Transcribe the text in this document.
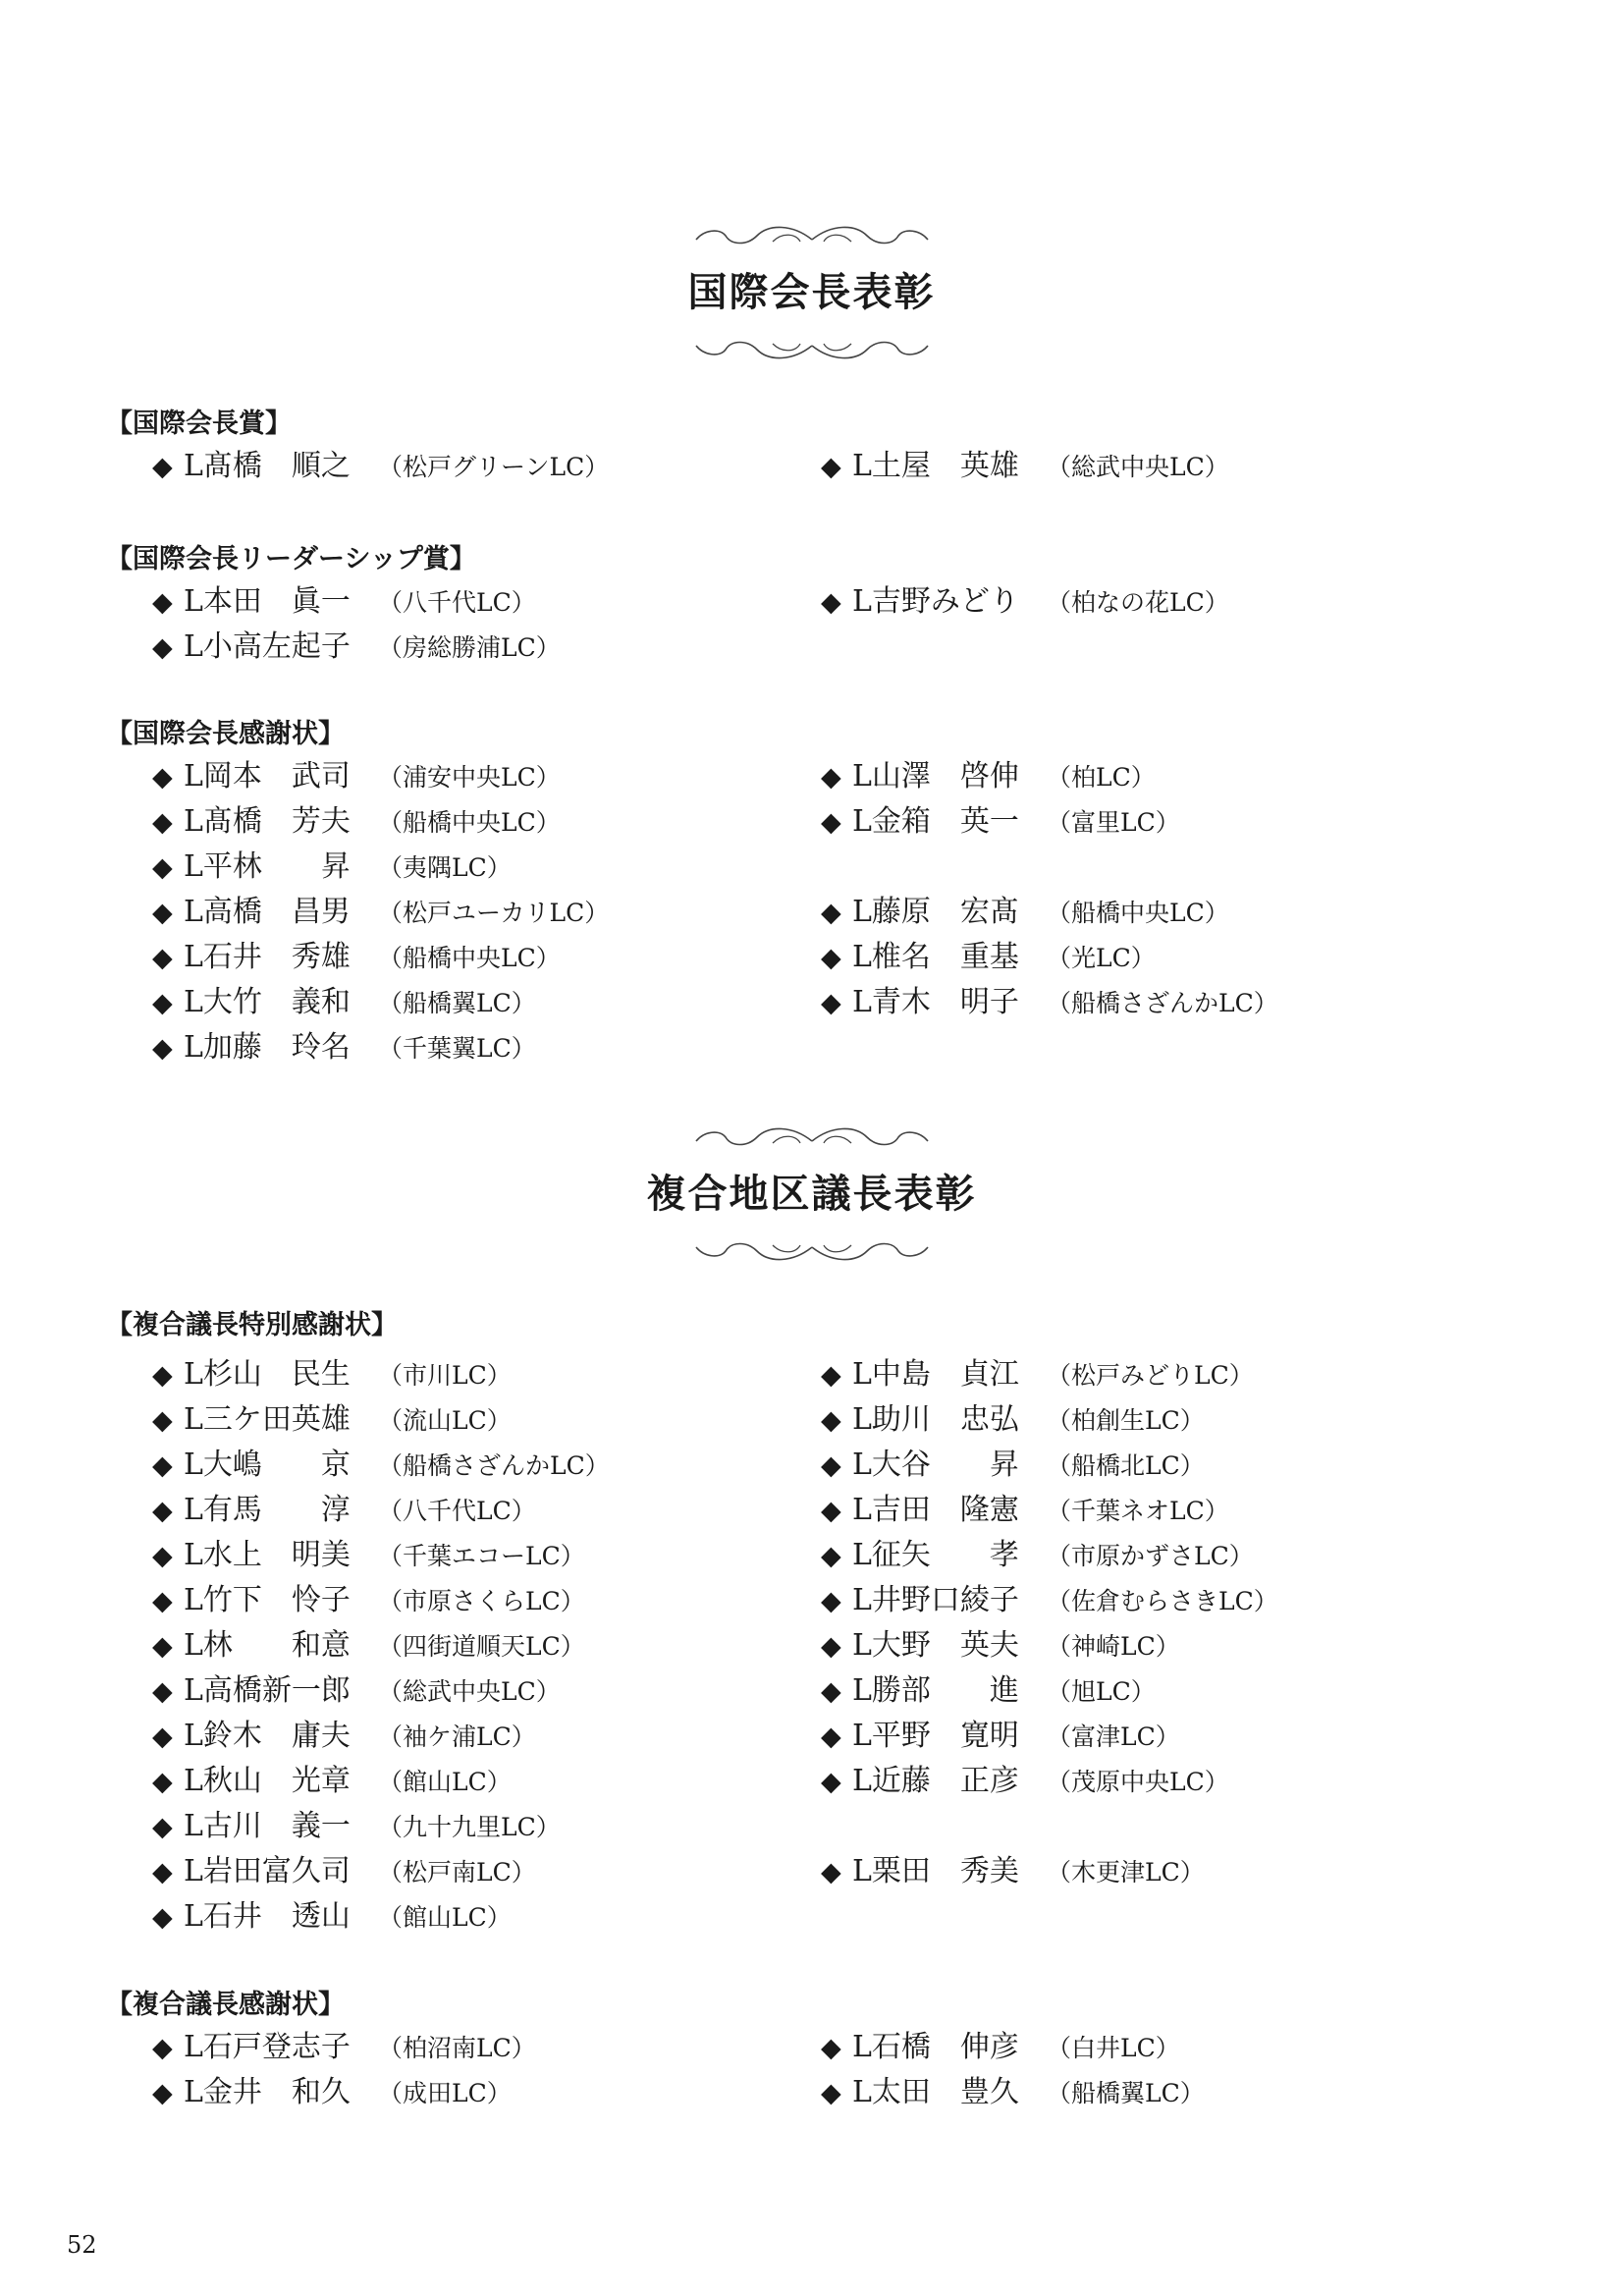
国際会長表彰
【国際会長賞】
◆ L髙橋　順之 （松戸グリーンLC）	◆ L土屋　英雄 （総武中央LC）
【国際会長リーダーシップ賞】
◆ L本田　眞一 （八千代LC）
◆ L小高左起子 （房総勝浦LC）
◆ L吉野みどり （柏なの花LC）
【国際会長感謝状】
◆ L岡本　武司 （浦安中央LC）
◆ L髙橋　芳夫 （船橋中央LC）
◆ L平林　　昇 （夷隅LC）
◆ L高橋　昌男 （松戸ユーカリLC）
◆ L石井　秀雄 （船橋中央LC）
◆ L大竹　義和 （船橋翼LC）
◆ L加藤　玲名 （千葉翼LC）
◆ L山澤　啓伸 （柏LC）
◆ L金箱　英一 （富里LC）
◆ L藤原　宏髙 （船橋中央LC）
◆ L椎名　重基 （光LC）
◆ L青木　明子 （船橋さざんかLC）
複合地区議長表彰
【複合議長特別感謝状】
◆ L杉山　民生 （市川LC）
◆ L三ケ田英雄 （流山LC）
◆ L大嶋　　京 （船橋さざんかLC）
◆ L有馬　　淳 （八千代LC）
◆ L水上　明美 （千葉エコーLC）
◆ L竹下　怜子 （市原さくらLC）
◆ L林　　和意 （四街道順天LC）
◆ L高橋新一郎 （総武中央LC）
◆ L鈴木　庸夫 （袖ケ浦LC）
◆ L秋山　光章 （館山LC）
◆ L古川　義一 （九十九里LC）
◆ L岩田富久司 （松戸南LC）
◆ L石井　透山 （館山LC）
◆ L中島　貞江 （松戸みどりLC）
◆ L助川　忠弘 （柏創生LC）
◆ L大谷　　昇 （船橋北LC）
◆ L吉田　隆憲 （千葉ネオLC）
◆ L征矢　　孝 （市原かずさLC）
◆ L井野口綾子 （佐倉むらさきLC）
◆ L大野　英夫 （神崎LC）
◆ L勝部　　進 （旭LC）
◆ L平野　寛明 （富津LC）
◆ L近藤　正彦 （茂原中央LC）
◆ L栗田　秀美 （木更津LC）
【複合議長感謝状】
◆ L石戸登志子 （柏沼南LC）
◆ L金井　和久 （成田LC）
◆ L石橋　伸彦 （白井LC）
◆ L太田　豊久 （船橋翼LC）
52
